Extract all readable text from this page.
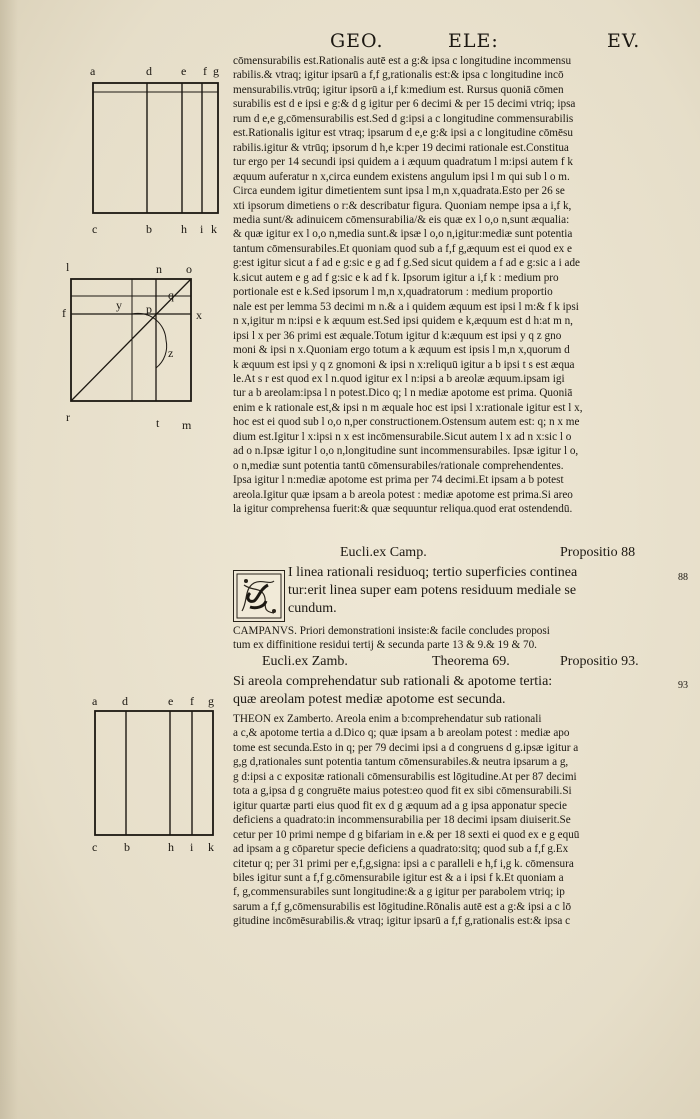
GEO.	ELE:	EV.
a	d e f g
c	b h i k
l	n o
f
y p
q
x
z
r	t m
a d	e f g
c b	h i k
cōmensurabilis est.Rationalis autē est a g:& ipsa c longitudine incommensu
rabilis.& vtraq; igitur ipsarū a f,f g,rationalis est:& ipsa c longitudine incō
mensurabilis.vtrūq; igitur ipsorū a i,f k:medium est. Rursus quoniā cōmen
surabilis est d e ipsi e g:& d g igitur per 6 decimi & per 15 decimi vtriq; ipsa
rum d e,e g,cōmensurabilis est.Sed d g:ipsi a c longitudine commensurabilis
est.Rationalis igitur est vtraq; ipsarum d e,e g:& ipsi a c longitudine cōmēsu
rabilis.igitur & vtrūq; ipsorum d h,e k:per 19 decimi rationale est.Constitua
tur ergo per 14 secundi ipsi quidem a i æquum quadratum l m:ipsi autem f k
æquum auferatur n x,circa eundem existens angulum ipsi l m qui sub l o m.
Circa eundem igitur dimetientem sunt ipsa l m,n x,quadrata.Esto per 26 se
xti ipsorum dimetiens o r:& describatur figura. Quoniam nempe ipsa a i,f k,
media sunt/& adinuicem cōmensurabilia/& eis quæ ex l o,o n,sunt æqualia:
& quæ igitur ex l o,o n,media sunt.& ipsæ l o,o n,igitur:mediæ sunt potentia
tantum cōmensurabiles.Et quoniam quod sub a f,f g,æquum est ei quod ex e
g:est igitur sicut a f ad e g:sic e g ad f g.Sed sicut quidem a f ad e g:sic a i ade
k.sicut autem e g ad f g:sic e k ad f k. Ipsorum igitur a i,f k : medium pro
portionale est e k.Sed ipsorum l m,n x,quadratorum : medium proportio
nale est per lemma 53 decimi m n.& a i quidem æquum est ipsi l m:& f k ipsi
n x,igitur m n:ipsi e k æquum est.Sed ipsi quidem e k,æquum est d h:at m n,
ipsi l x per 36 primi est æquale.Totum igitur d k:æquum est ipsi y q z gno
moni & ipsi n x.Quoniam ergo totum a k æquum est ipsis l m,n x,quorum d
k æquum est ipsi y q z gnomoni & ipsi n x:reliquū igitur a b ipsi t s est æqua
le.At s r est quod ex l n.quod igitur ex l n:ipsi a b areolæ æquum.ipsam igi
tur a b areolam:ipsa l n potest.Dico q; l n mediæ apotome est prima. Quoniā
enim e k rationale est,& ipsi n m æquale hoc est ipsi l x:rationale igitur est l x,
hoc est ei quod sub l o,o n,per constructionem.Ostensum autem est: q; n x me
dium est.Igitur l x:ipsi n x est incōmensurabile.Sicut autem l x ad n x:sic l o
ad o n.Ipsæ igitur l o,o n,longitudine sunt incommensurabiles. Ipsæ igitur l o,
o n,mediæ sunt potentia tantū cōmensurabiles/rationale comprehendentes.
Ipsa igitur l n:mediæ apotome est prima per 74 decimi.Et ipsam a b potest
areola.Igitur quæ ipsam a b areola potest : mediæ apotome est prima.Si areo
la igitur comprehensa fuerit:& quæ sequuntur reliqua.quod erat ostendendū.
Eucli.ex Camp.	Propositio 88
I linea rationali residuoq; tertio superficies continea
tur:erit linea super eam potens residuum mediale se
cundum.
88
CAMPANVS. Priori demonstrationi insiste:& facile concludes proposi
tum ex diffinitione residui tertij & secunda parte 13 & 9.& 19 & 70.
Eucli.ex Zamb.	Theorema 69.	Propositio 93.
Si areola comprehendatur sub rationali & apotome tertia:
quæ areolam potest mediæ apotome est secunda.
93
THEON ex Zamberto. Areola enim a b:comprehendatur sub rationali
a c,& apotome tertia a d.Dico q; quæ ipsam a b areolam potest : mediæ apo
tome est secunda.Esto in q; per 79 decimi ipsi a d congruens d g.ipsæ igitur a
g,g d,rationales sunt potentia tantum cōmensurabiles.& neutra ipsarum a g,
g d:ipsi a c expositæ rationali cōmensurabilis est lōgitudine.At per 87 decimi
tota a g,ipsa d g congruēte maius potest:eo quod fit ex sibi cōmensurabili.Si
igitur quartæ parti eius quod fit ex d g æquum ad a g ipsa apponatur specie
deficiens a quadrato:in incommensurabilia per 18 decimi ipsam diuiserit.Se
cetur per 10 primi nempe d g bifariam in e.& per 18 sexti ei quod ex e g equū
ad ipsam a g cōparetur specie deficiens a quadrato:sitq; quod sub a f,f g.Ex
citetur q; per 31 primi per e,f,g,signa: ipsi a c paralleli e h,f i,g k. cōmensura
biles igitur sunt a f,f g.cōmensurabile igitur est & a i ipsi f k.Et quoniam a
f, g,commensurabiles sunt longitudine:& a g igitur per parabolem vtriq; ip
sarum a f,f g,cōmensurabilis est lōgitudine.Rōnalis autē est a g:& ipsi a c lō
gitudine incōmēsurabilis.& vtraq; igitur ipsarū a f,f g,rationalis est:& ipsa c
